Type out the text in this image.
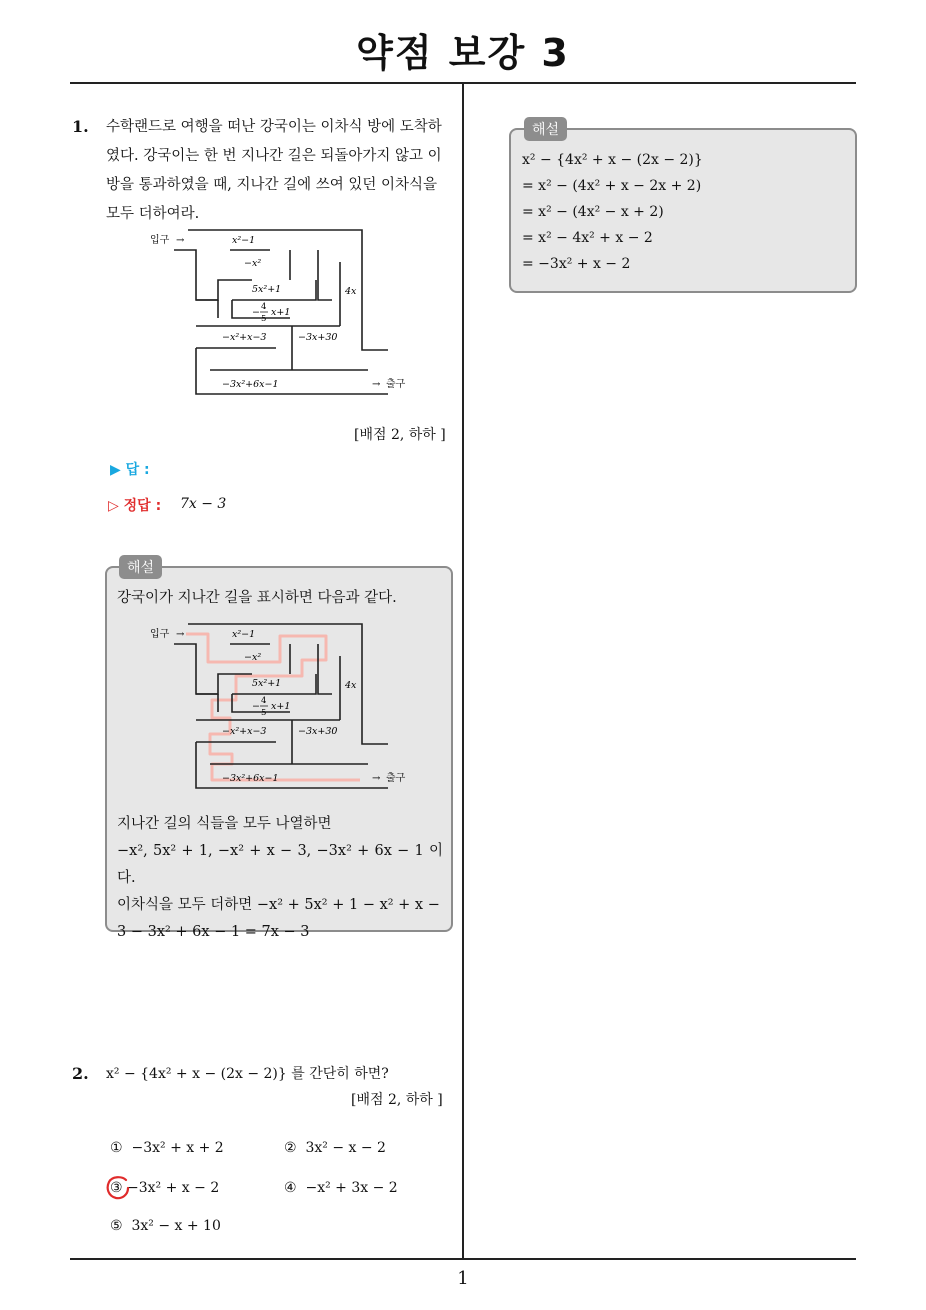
약점 보강 3
1. 수학랜드로 여행을 떠난 강국이는 이차식 방에 도착하
였다. 강국이는 한 번 지나간 길은 되돌아가지 않고 이
방을 통과하였을 때, 지나간 길에 쓰여 있던 이차식을
모두 더하여라.
입구 →	x²−1
−x²
5x²+1	4x
− 4
5
x+1
−x²+x−3	−3x+30
−3x²+6x−1	→ 출구
[배점 2, 하하 ]
▶ 답 :
▷ 정답 : 7x − 3
해설
강국이가 지나간 길을 표시하면 다음과 같다.
입구 →	x²−1
−x²
5x²+1	4x
− 4
5
x+1
−x²+x−3	−3x+30
−3x²+6x−1	→ 출구
지나간 길의 식들을 모두 나열하면
−x², 5x² + 1, −x² + x − 3, −3x² + 6x − 1 이다.
이차식을 모두 더하면 −x² + 5x² + 1 − x² + x −
3 − 3x² + 6x − 1 = 7x − 3
2. x² − {4x² + x − (2x − 2)} 를 간단히 하면?
[배점 2, 하하 ]
① −3x² + x + 2	② 3x² − x − 2
③ −3x² + x − 2	④ −x² + 3x − 2
⑤ 3x² − x + 10
해설
x² − {4x² + x − (2x − 2)}
= x² − (4x² + x − 2x + 2)
= x² − (4x² − x + 2)
= x² − 4x² + x − 2
= −3x² + x − 2
1
